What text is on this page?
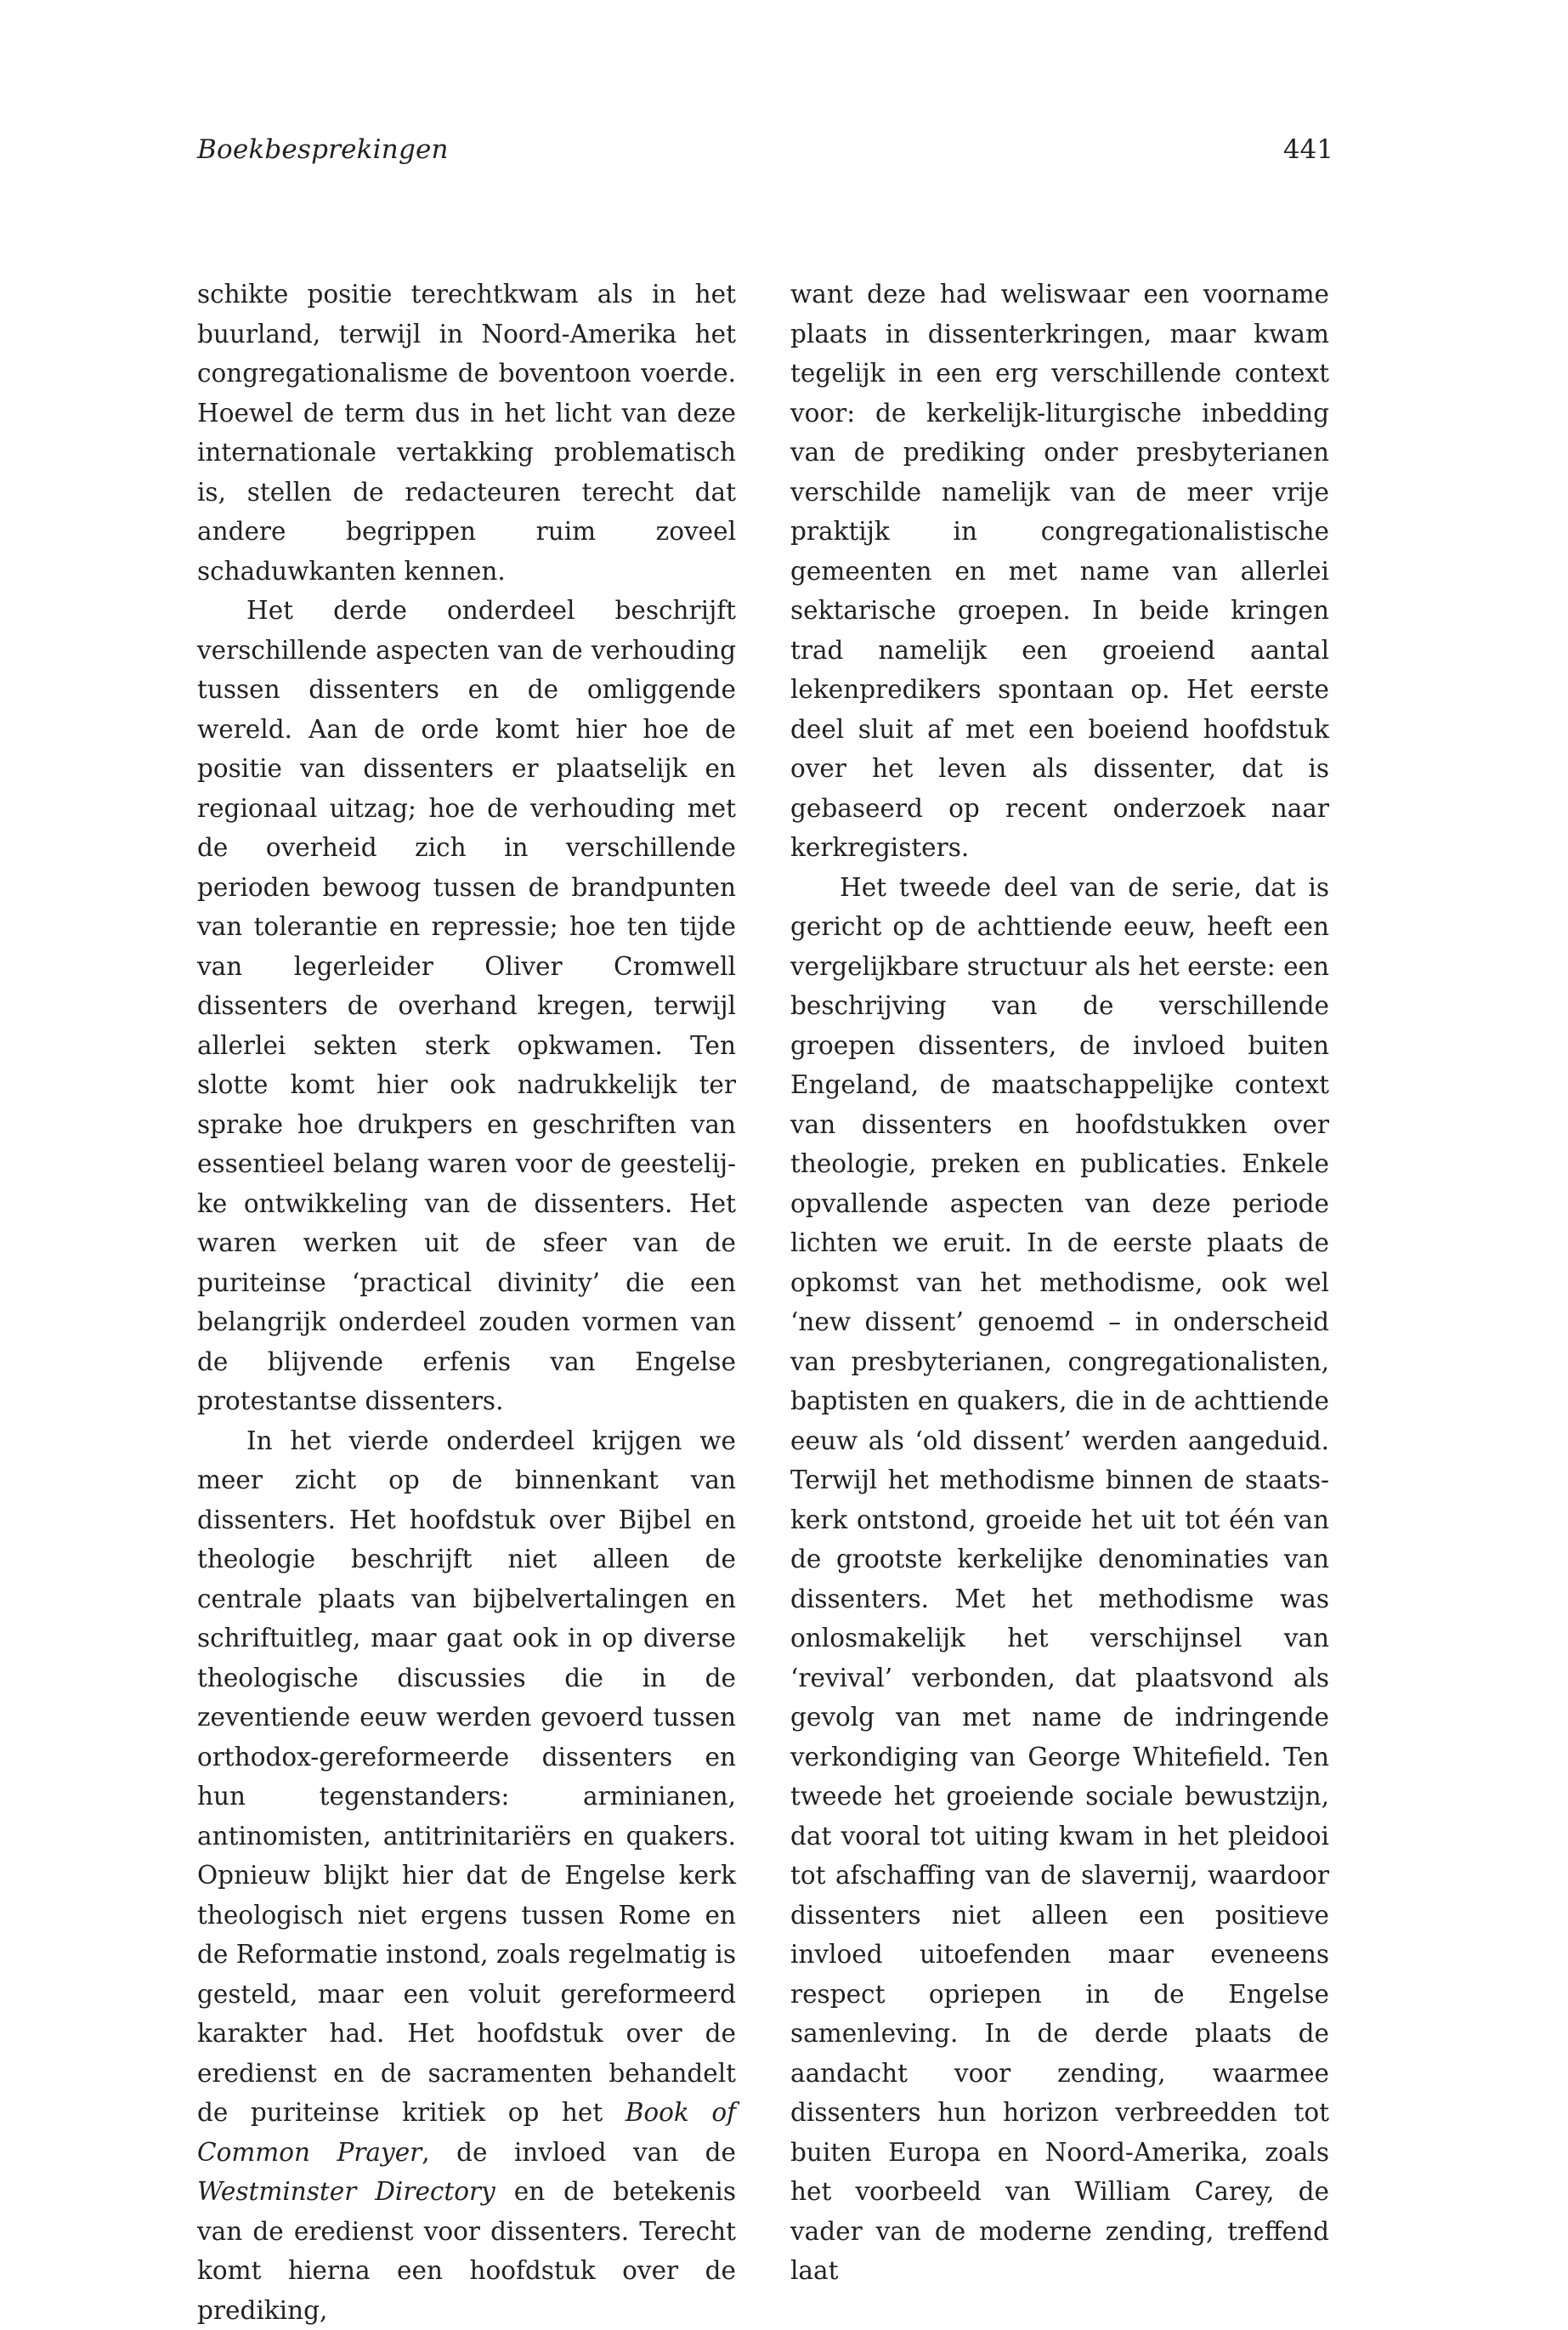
Boekbesprekingen	441

schikte positie terechtkwam als in het buurland, terwijl in Noord-Amerika het congregationalisme de boventoon voerde. Hoewel de term dus in het licht van deze internationale vertakking problematisch is, stellen de redacteuren terecht dat andere begrippen ruim zoveel schaduwkanten kennen.

Het derde onderdeel beschrijft verschillende aspecten van de verhouding tussen dissenters en de omliggende wereld. Aan de orde komt hier hoe de positie van dissenters er plaatselijk en regionaal uitzag; hoe de verhouding met de overheid zich in verschillende perioden bewoog tussen de brandpunten van tolerantie en repressie; hoe ten tijde van legerleider Oliver Cromwell dissenters de overhand kregen, terwijl allerlei sekten sterk opkwamen. Ten slotte komt hier ook nadrukkelijk ter sprake hoe drukpers en geschriften van essentieel belang waren voor de geestelijke ontwikkeling van de dissenters. Het waren werken uit de sfeer van de puriteinse ‘practical divinity’ die een belangrijk onderdeel zouden vormen van de blijvende erfenis van Engelse protestantse dissenters.

In het vierde onderdeel krijgen we meer zicht op de binnenkant van dissenters. Het hoofdstuk over Bijbel en theologie beschrijft niet alleen de centrale plaats van bijbelvertalingen en schriftuitleg, maar gaat ook in op diverse theologische discussies die in de zeventiende eeuw werden gevoerd tussen orthodox-gereformeerde dissenters en hun tegenstanders: arminianen, antinomisten, antitrinitariërs en quakers. Opnieuw blijkt hier dat de Engelse kerk theologisch niet ergens tussen Rome en de Reformatie instond, zoals regelmatig is gesteld, maar een voluit gereformeerd karakter had. Het hoofdstuk over de eredienst en de sacramenten behandelt de puriteinse kritiek op het Book of Common Prayer, de invloed van de Westminster Directory en de betekenis van de eredienst voor dissenters. Terecht komt hierna een hoofdstuk over de prediking,

want deze had weliswaar een voorname plaats in dissenterkringen, maar kwam tegelijk in een erg verschillende context voor: de kerkelijk-liturgische inbedding van de prediking onder presbyterianen verschilde namelijk van de meer vrije praktijk in congregationalistische gemeenten en met name van allerlei sektarische groepen. In beide kringen trad namelijk een groeiend aantal lekenpredikers spontaan op. Het eerste deel sluit af met een boeiend hoofdstuk over het leven als dissenter, dat is gebaseerd op recent onderzoek naar kerkregisters.

Het tweede deel van de serie, dat is gericht op de achttiende eeuw, heeft een vergelijkbare structuur als het eerste: een beschrijving van de verschillende groepen dissenters, de invloed buiten Engeland, de maatschappelijke context van dissenters en hoofdstukken over theologie, preken en publicaties. Enkele opvallende aspecten van deze periode lichten we eruit. In de eerste plaats de opkomst van het methodisme, ook wel ‘new dissent’ genoemd – in onderscheid van presbyterianen, congregationalisten, baptisten en quakers, die in de achttiende eeuw als ‘old dissent’ werden aangeduid. Terwijl het methodisme binnen de staatskerk ontstond, groeide het uit tot één van de grootste kerkelijke denominaties van dissenters. Met het methodisme was onlosmakelijk het verschijnsel van ‘revival’ verbonden, dat plaatsvond als gevolg van met name de indringende verkondiging van George Whitefield. Ten tweede het groeiende sociale bewustzijn, dat vooral tot uiting kwam in het pleidooi tot afschaffing van de slavernij, waardoor dissenters niet alleen een positieve invloed uitoefenden maar eveneens respect opriepen in de Engelse samenleving. In de derde plaats de aandacht voor zending, waarmee dissenters hun horizon verbreedden tot buiten Europa en Noord-Amerika, zoals het voorbeeld van William Carey, de vader van de moderne zending, treffend laat
